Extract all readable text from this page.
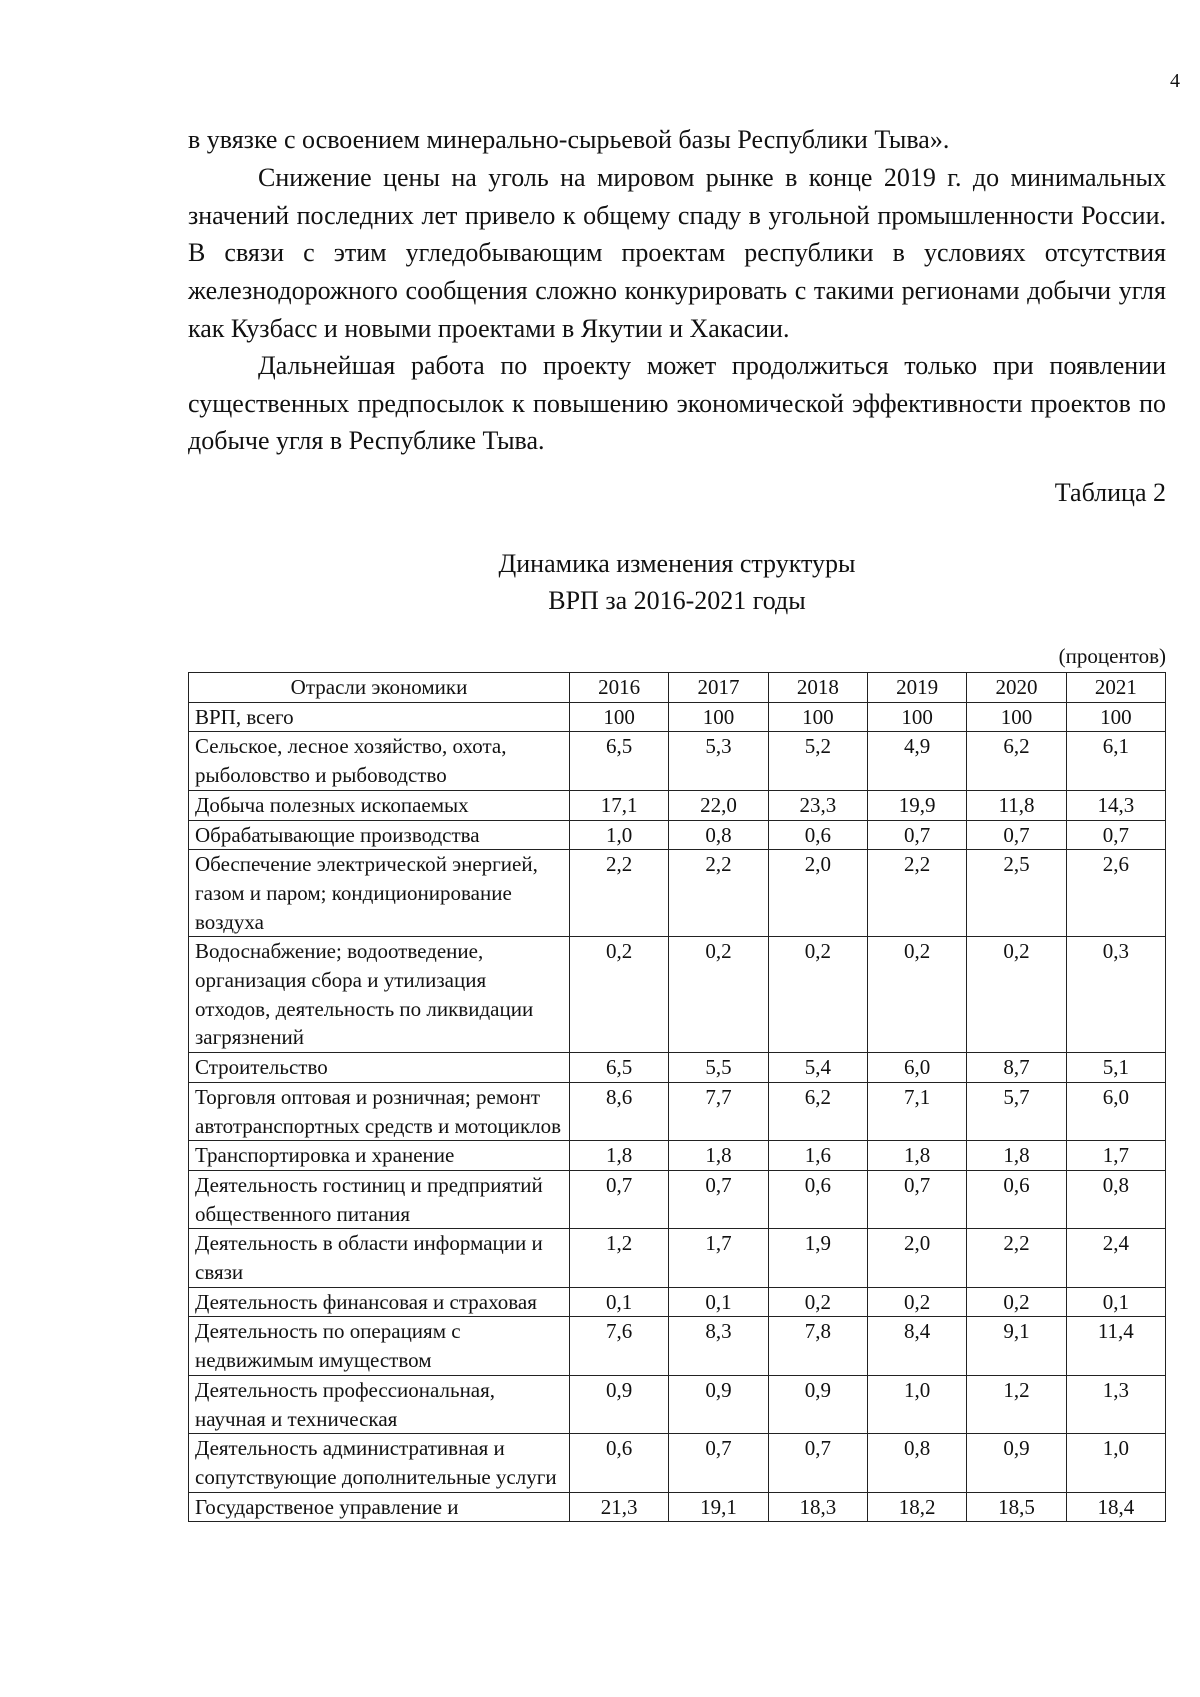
4

в увязке с освоением минерально-сырьевой базы Республики Тыва».

Снижение цены на уголь на мировом рынке в конце 2019 г. до минимальных значений последних лет привело к общему спаду в угольной промышленности России. В связи с этим угледобывающим проектам республики в условиях отсутствия железнодорожного сообщения сложно конкурировать с такими регионами добычи угля как Кузбасс и новыми проектами в Якутии и Хакасии.

Дальнейшая работа по проекту может продолжиться только при появлении существенных предпосылок к повышению экономической эффективности проектов по добыче угля в Республике Тыва.

Таблица 2
Динамика изменения структуры
ВРП за 2016-2021 годы
(процентов)
Отрасли экономики	2016	2017	2018	2019	2020	2021
ВРП, всего	100	100	100	100	100	100
Сельское, лесное хозяйство, охота, рыболовство и рыбоводство	6,5	5,3	5,2	4,9	6,2	6,1
Добыча полезных ископаемых	17,1	22,0	23,3	19,9	11,8	14,3
Обрабатывающие производства	1,0	0,8	0,6	0,7	0,7	0,7
Обеспечение электрической энергией, газом и паром; кондиционирование воздуха	2,2	2,2	2,0	2,2	2,5	2,6
Водоснабжение; водоотведение, организация сбора и утилизация отходов, деятельность по ликвидации загрязнений	0,2	0,2	0,2	0,2	0,2	0,3
Строительство	6,5	5,5	5,4	6,0	8,7	5,1
Торговля оптовая и розничная; ремонт автотранспортных средств и мотоциклов	8,6	7,7	6,2	7,1	5,7	6,0
Транспортировка и хранение	1,8	1,8	1,6	1,8	1,8	1,7
Деятельность гостиниц и предприятий общественного питания	0,7	0,7	0,6	0,7	0,6	0,8
Деятельность в области информации и связи	1,2	1,7	1,9	2,0	2,2	2,4
Деятельность финансовая и страховая	0,1	0,1	0,2	0,2	0,2	0,1
Деятельность по операциям с недвижимым имуществом	7,6	8,3	7,8	8,4	9,1	11,4
Деятельность профессиональная, научная и техническая	0,9	0,9	0,9	1,0	1,2	1,3
Деятельность административная и сопутствующие дополнительные услуги	0,6	0,7	0,7	0,8	0,9	1,0
Государственое управление и	21,3	19,1	18,3	18,2	18,5	18,4
